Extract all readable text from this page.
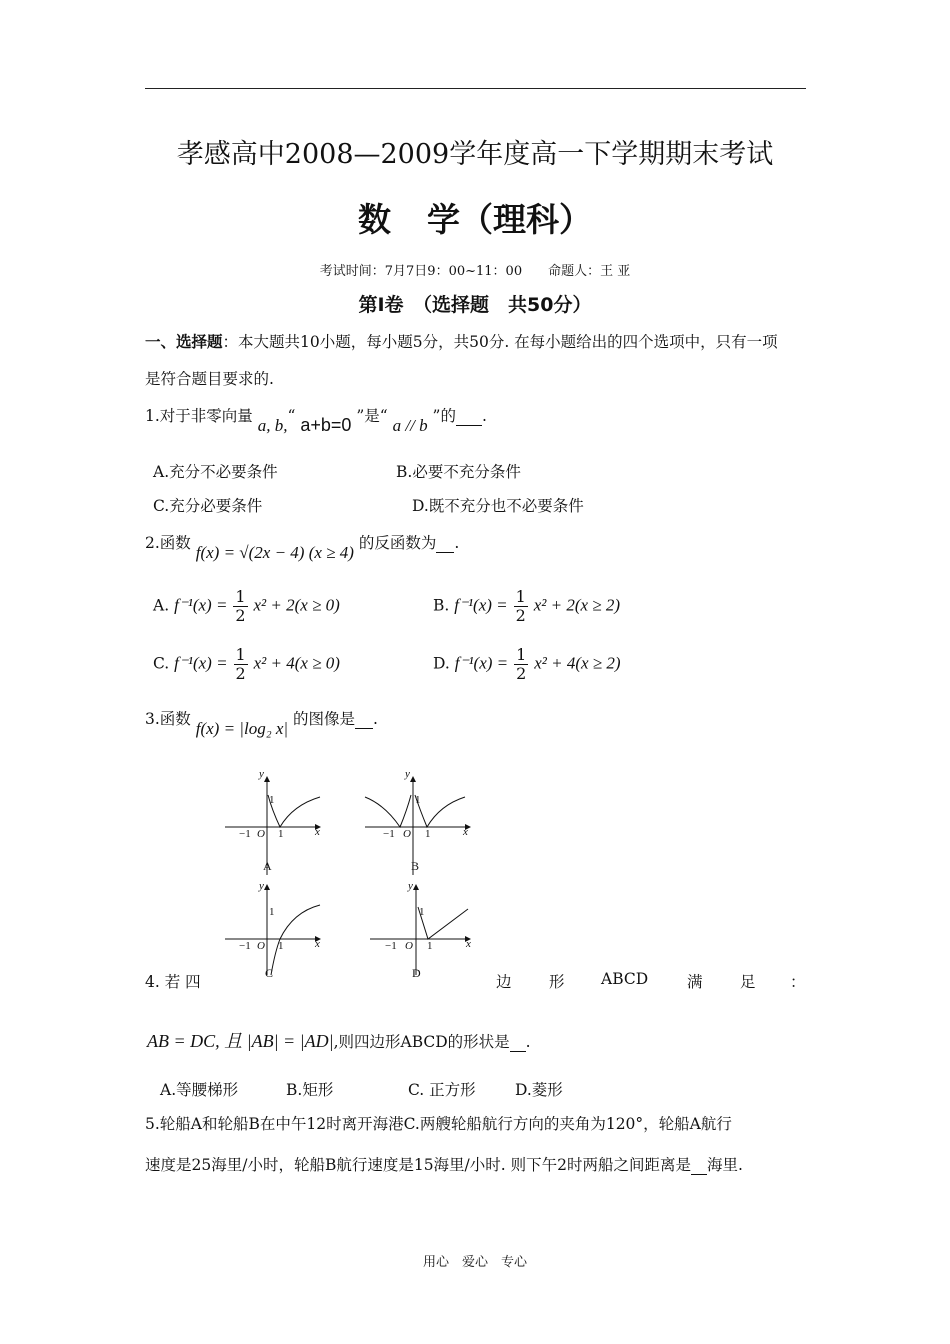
孝感高中2008—2009学年度高一下学期期末考试
数 学（理科）
考试时间：7月7日9：00~11：00　　命题人：王 亚
第Ⅰ卷　（选择题　共50分）
一、选择题：本大题共10小题，每小题5分，共50分. 在每小题给出的四个选项中，只有一项
是符合题目要求的.
1.对于非零向量 a, b,“ a+b=0 ”是“ a // b ”的 .
A.充分不必要条件	B.必要不充分条件
C.充分必要条件	D.既不充分也不必要条件
2.函数 f(x) = √(2x − 4) (x ≥ 4) 的反函数为 .
A. $f^{-1}(x) = \frac{1}{2} x^2 + 2(x \ge 0)$	B. $f^{-1}(x) = \frac{1}{2} x^2 + 2(x \ge 2)$
C. $f^{-1}(x) = \frac{1}{2} x^2 + 4(x \ge 0)$	D. $f^{-1}(x) = \frac{1}{2} x^2 + 4(x \ge 2)$
3.函数 f(x) = |log₂ x| 的图像是 .
y
x
O
−1 1
1
A
y
x
O
−1	1
1
B
y
x
O
−1 1
1
C
y
x
O
−1	1
1
D
4. 若 四	边 形 ABCD	满 足 ：
AB = DC, 且 |AB| = |AD|,则四边形ABCD的形状是 .
A.等腰梯形	B.矩形	C. 正方形	D.菱形
5.轮船A和轮船B在中午12时离开海港C.两艘轮船航行方向的夹角为120°，轮船A航行
速度是25海里/小时，轮船B航行速度是15海里/小时. 则下午2时两船之间距离是 海里.
用心　爱心　专心
